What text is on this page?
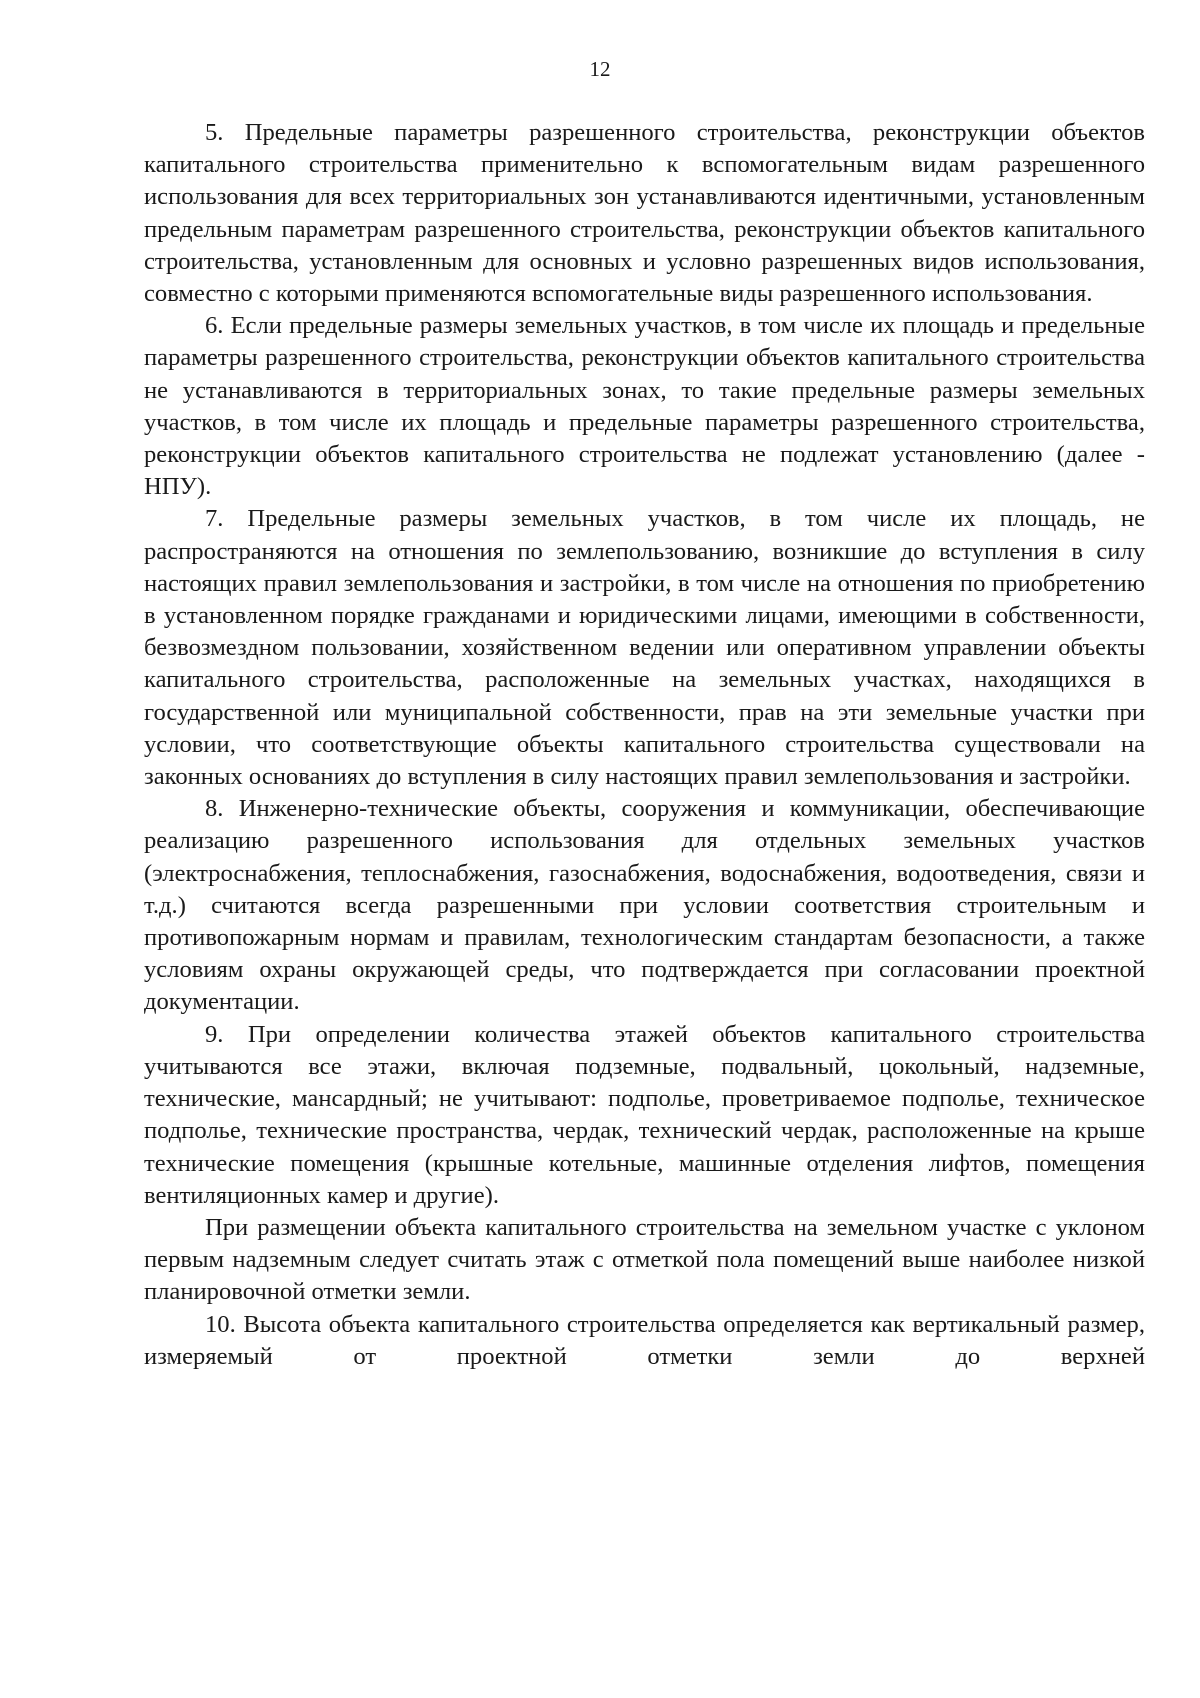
12

5. Предельные параметры разрешенного строительства, реконструкции объектов капитального строительства применительно к вспомогательным видам разрешенного использования для всех территориальных зон устанавливаются идентичными, установленным предельным параметрам разрешенного строительства, реконструкции объектов капитального строительства, установленным для основных и условно разрешенных видов использования, совместно с которыми применяются вспомогательные виды разрешенного использования.

6. Если предельные размеры земельных участков, в том числе их площадь и предельные параметры разрешенного строительства, реконструкции объектов капитального строительства не устанавливаются в территориальных зонах, то такие предельные размеры земельных участков, в том числе их площадь и предельные параметры разрешенного строительства, реконструкции объектов капитального строительства не подлежат установлению (далее - НПУ).

7. Предельные размеры земельных участков, в том числе их площадь, не распространяются на отношения по землепользованию, возникшие до вступления в силу настоящих правил землепользования и застройки, в том числе на отношения по приобретению в установленном порядке гражданами и юридическими лицами, имеющими в собственности, безвозмездном пользовании, хозяйственном ведении или оперативном управлении объекты капитального строительства, расположенные на земельных участках, находящихся в государственной или муниципальной собственности, прав на эти земельные участки при условии, что соответствующие объекты капитального строительства существовали на законных основаниях до вступления в силу настоящих правил землепользования и застройки.

8. Инженерно-технические объекты, сооружения и коммуникации, обеспечивающие реализацию разрешенного использования для отдельных земельных участков (электроснабжения, теплоснабжения, газоснабжения, водоснабжения, водоотведения, связи и т.д.) считаются всегда разрешенными при условии соответствия строительным и противопожарным нормам и правилам, технологическим стандартам безопасности, а также условиям охраны окружающей среды, что подтверждается при согласовании проектной документации.

9. При определении количества этажей объектов капитального строительства учитываются все этажи, включая подземные, подвальный, цокольный, надземные, технические, мансардный; не учитывают: подполье, проветриваемое подполье, техническое подполье, технические пространства, чердак, технический чердак, расположенные на крыше технические помещения (крышные котельные, машинные отделения лифтов, помещения вентиляционных камер и другие).

При размещении объекта капитального строительства на земельном участке с уклоном первым надземным следует считать этаж с отметкой пола помещений выше наиболее низкой планировочной отметки земли.

10. Высота объекта капитального строительства определяется как вертикальный размер, измеряемый от проектной отметки земли до верхней
